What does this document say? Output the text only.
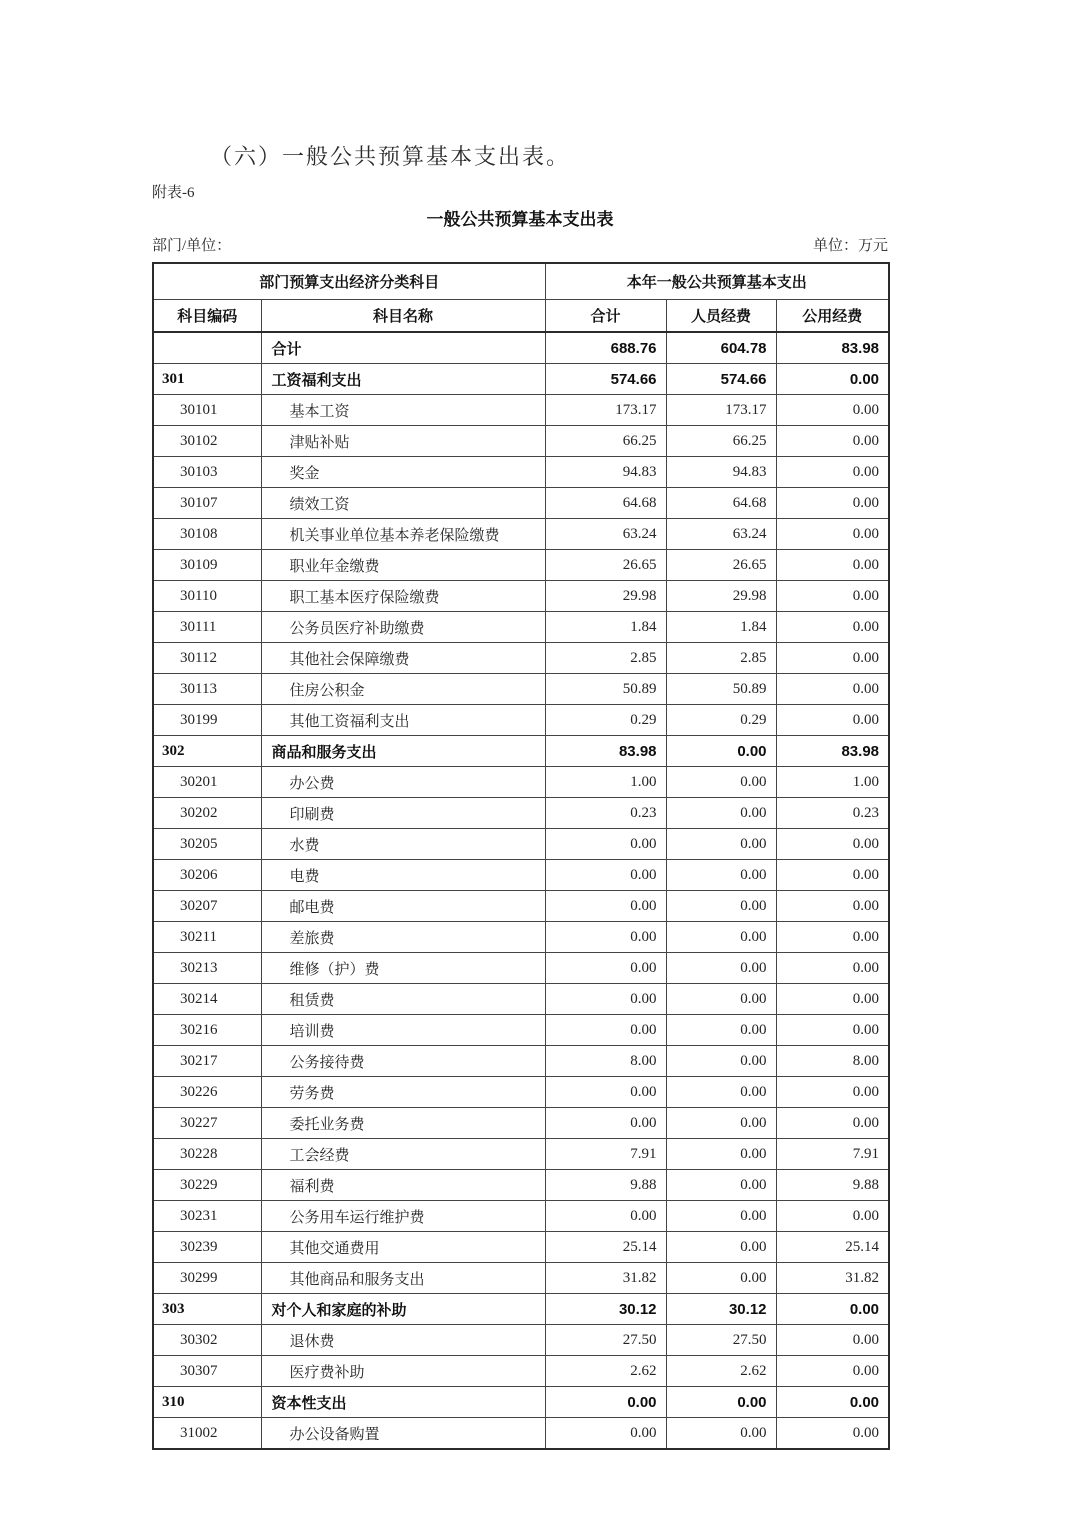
（六）一般公共预算基本支出表。
附表-6
一般公共预算基本支出表
部门/单位：	单位：万元
部门预算支出经济分类科目		本年一般公共预算基本支出		
科目编码	科目名称	合计	人员经费	公用经费
	合计	688.76	604.78	83.98
301	工资福利支出	574.66	574.66	0.00
30101	基本工资	173.17	173.17	0.00
30102	津贴补贴	66.25	66.25	0.00
30103	奖金	94.83	94.83	0.00
30107	绩效工资	64.68	64.68	0.00
30108	机关事业单位基本养老保险缴费	63.24	63.24	0.00
30109	职业年金缴费	26.65	26.65	0.00
30110	职工基本医疗保险缴费	29.98	29.98	0.00
30111	公务员医疗补助缴费	1.84	1.84	0.00
30112	其他社会保障缴费	2.85	2.85	0.00
30113	住房公积金	50.89	50.89	0.00
30199	其他工资福利支出	0.29	0.29	0.00
302	商品和服务支出	83.98	0.00	83.98
30201	办公费	1.00	0.00	1.00
30202	印刷费	0.23	0.00	0.23
30205	水费	0.00	0.00	0.00
30206	电费	0.00	0.00	0.00
30207	邮电费	0.00	0.00	0.00
30211	差旅费	0.00	0.00	0.00
30213	维修（护）费	0.00	0.00	0.00
30214	租赁费	0.00	0.00	0.00
30216	培训费	0.00	0.00	0.00
30217	公务接待费	8.00	0.00	8.00
30226	劳务费	0.00	0.00	0.00
30227	委托业务费	0.00	0.00	0.00
30228	工会经费	7.91	0.00	7.91
30229	福利费	9.88	0.00	9.88
30231	公务用车运行维护费	0.00	0.00	0.00
30239	其他交通费用	25.14	0.00	25.14
30299	其他商品和服务支出	31.82	0.00	31.82
303	对个人和家庭的补助	30.12	30.12	0.00
30302	退休费	27.50	27.50	0.00
30307	医疗费补助	2.62	2.62	0.00
310	资本性支出	0.00	0.00	0.00
31002	办公设备购置	0.00	0.00	0.00
